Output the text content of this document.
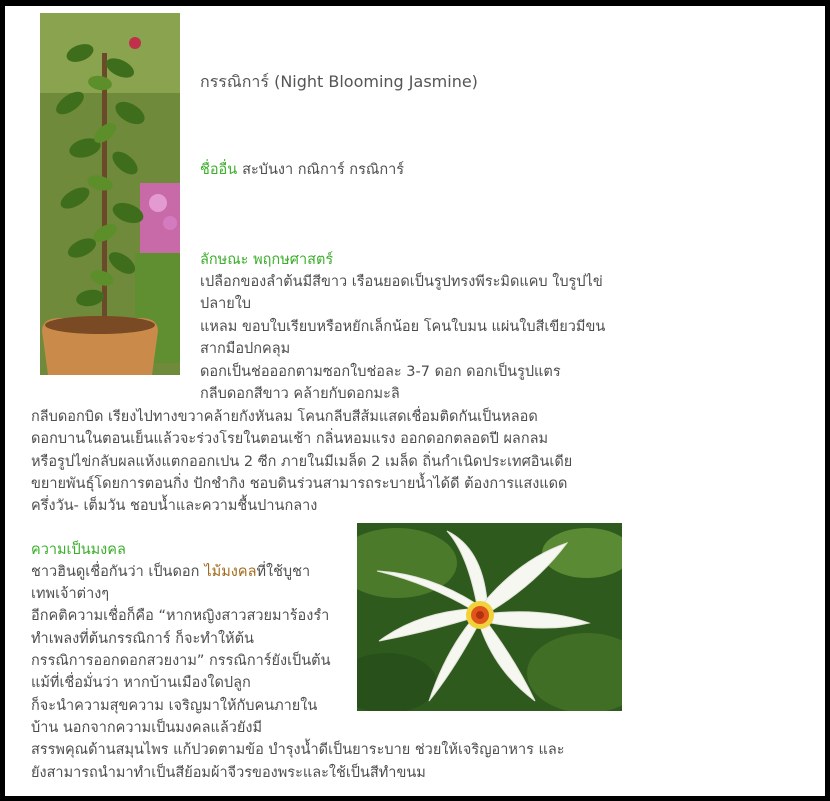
กรรณิการ์ (Night Blooming Jasmine)
ชื่ออื่น สะบันงา กณิการ์ กรณิการ์
ลักษณะ พฤกษศาสตร์
เปลือกของลำต้นมีสีขาว เรือนยอดเป็นรูปทรงพีระมิดแคบ ใบรูปไข่
ปลายใบ
แหลม ขอบใบเรียบหรือหยักเล็กน้อย โคนใบมน แผ่นใบสีเขียวมีขน
สากมือปกคลุม
ดอกเป็นช่อออกตามซอกใบช่อละ 3-7 ดอก ดอกเป็นรูปแตร
กลีบดอกสีขาว คล้ายกับดอกมะลิ
กลีบดอกบิด เรียงไปทางขวาคล้ายกังหันลม โคนกลีบสีส้มแสดเชื่อมติดกันเป็นหลอด
ดอกบานในตอนเย็นแล้วจะร่วงโรยในตอนเช้า กลิ่นหอมแรง ออกดอกตลอดปี ผลกลม
หรือรูปไข่กลับผลแห้งแตกออกเปน 2 ซีก ภายในมีเมล็ด 2 เมล็ด ถิ่นกำเนิดประเทศอินเดีย
ขยายพันธุ์โดยการตอนกิ่ง ปักชำกิง ชอบดินร่วนสามารถระบายน้ำได้ดี ต้องการแสงแดด
ครึ่งวัน- เต็มวัน ชอบน้ำและความชื้นปานกลาง
ความเป็นมงคล
ชาวฮินดูเชื่อกันว่า เป็นดอก ไม้มงคลที่ใช้บูชา
เทพเจ้าต่างๆ
อีกคติความเชื่อก็คือ “หากหญิงสาวสวยมาร้องรำ
ทำเพลงที่ต้นกรรณิการ์ ก็จะทำให้ต้น
กรรณิการออกดอกสวยงาม” กรรณิการ์ยังเป็นต้น
แม้ที่เชื่อมั่นว่า หากบ้านเมืองใดปลูก
ก็จะนำความสุขความ เจริญมาให้กับคนภายใน
บ้าน นอกจากความเป็นมงคลแล้วยังมี
สรรพคุณด้านสมุนไพร แก้ปวดตามข้อ บำรุงน้ำดีเป็นยาระบาย ช่วยให้เจริญอาหาร และ
ยังสามารถนำมาทำเป็นสีย้อมผ้าจีวรของพระและใช้เป็นสีทำขนม
